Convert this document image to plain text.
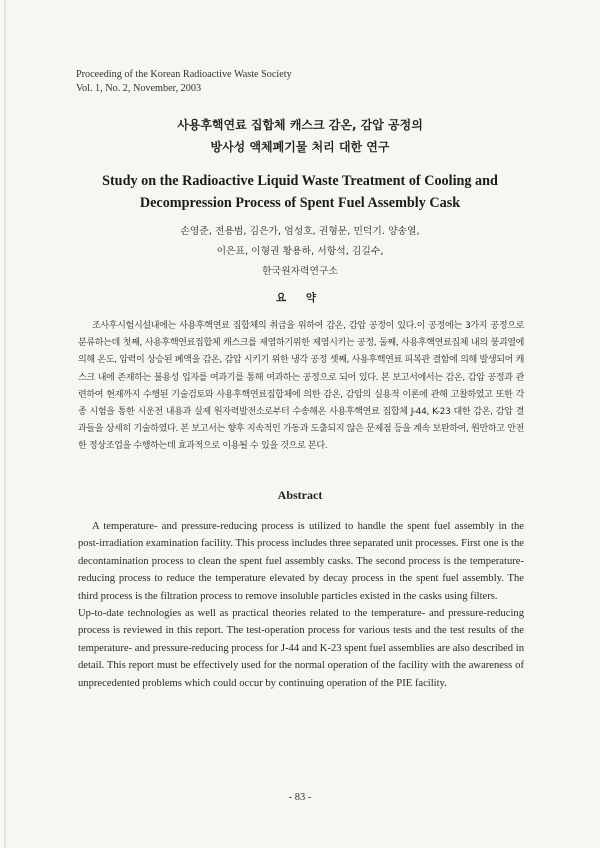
Proceeding of the Korean Radioactive Waste Society
Vol. 1, No. 2, November, 2003
사용후핵연료 집합체 캐스크 감온, 감압 공정의
방사성 액체폐기물 처리 대한 연구
Study on the Radioactive Liquid Waste Treatment of Cooling and
Decompression Process of Spent Fuel Assembly Cask
손영준, 전용범, 김은가, 엄성호, 권형문, 민덕기. 양송열,
이은표, 이형권 황용하, 서항석, 김길수,
한국원자력연구소
요 약

조사후시험시설내에는 사용후핵연료 집합체의 취급을 위하여 감온, 감압 공정이 있다.이 공정에는 3가지 공정으로 분류하는데 첫째, 사용후핵연료집합체 캐스크를 제염하기위한 제염시키는 공정, 둘째, 사용후핵연료집체 내의 붕괴열에 의해 온도, 압력이 상승된 폐액을 감온, 감압 시키기 위한 냉각 공정 셋째, 사용후핵연료 피복관 결함에 의해 발생되어 캐스크 내에 존재하는 불용성 입자를 여과기를 통해 여과하는 공정으로 되어 있다. 본 보고서에서는 감온, 감압 공정과 관련하여 현재까지 수행된 기술검토와 사용후핵연료집합체에 의한 감온, 감압의 실용적 이론에 관해 고찰하였고 또한 각종 시험을 통한 시운전 내용과 실제 원자력발전소로부터 수송해온 사용후핵연료 집합체 J-44, K-23 대한 감온, 감압 결과들을 상세히 기술하였다. 본 보고서는 향후 지속적인 가동과 도출되지 않은 문제점 등을 계속 보완하여, 원만하고 안전한 정상조업을 수행하는데 효과적으로 이용될 수 있을 것으로 본다.

Abstract

A temperature- and pressure-reducing process is utilized to handle the spent fuel assembly in the post-irradiation examination facility. This process includes three separated unit processes. First one is the decontamination process to clean the spent fuel assembly casks. The second process is the temperature-reducing process to reduce the temperature elevated by decay process in the spent fuel assembly. The third process is the filtration process to remove insoluble particles existed in the casks using filters.

Up-to-date technologies as well as practical theories related to the temperature- and pressure-reducing process is reviewed in this report. The test-operation process for various tests and the test results of the temperature- and pressure-reducing process for J-44 and K-23 spent fuel assemblies are also described in detail. This report must be effectively used for the normal operation of the facility with the awareness of unprecedented problems which could occur by continuing operation of the PIE facility.

- 83 -
